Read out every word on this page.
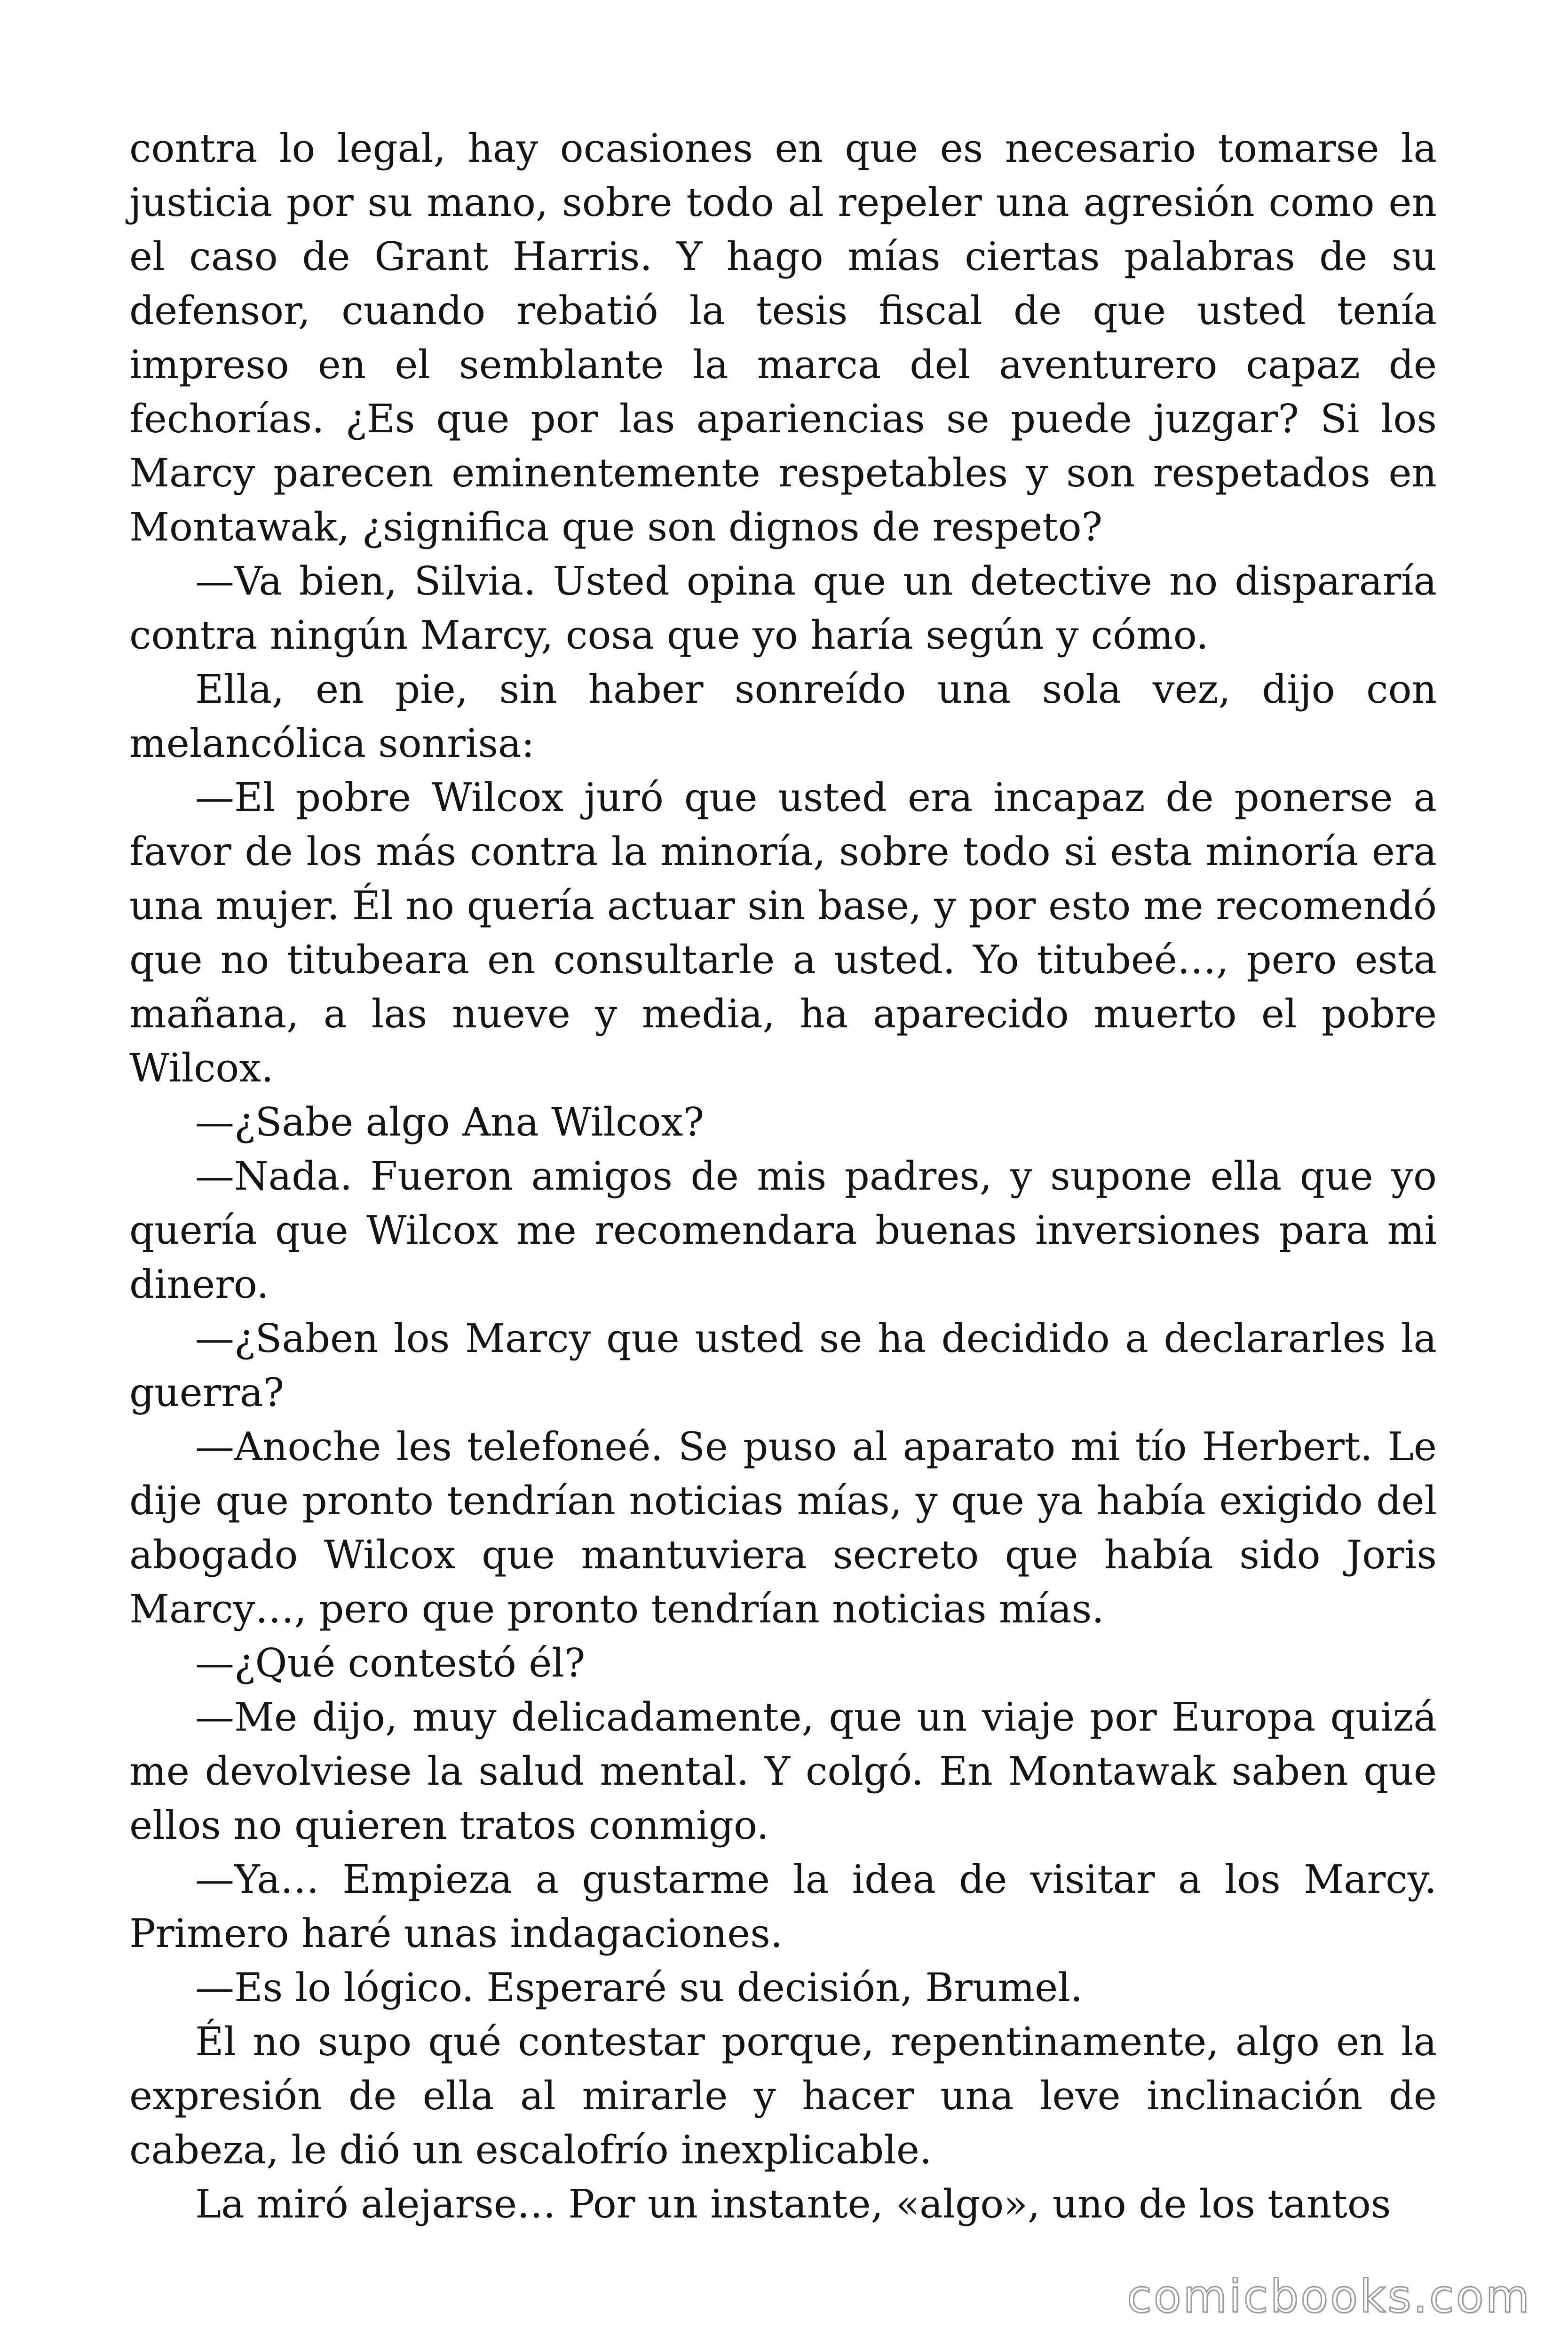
contra lo legal, hay ocasiones en que es necesario tomarse la justicia por su mano, sobre todo al repeler una agresión como en el caso de Grant Harris. Y hago mías ciertas palabras de su defensor, cuando rebatió la tesis fiscal de que usted tenía impreso en el semblante la marca del aventurero capaz de fechorías. ¿Es que por las apariencias se puede juzgar? Si los Marcy parecen eminentemente respetables y son respetados en Montawak, ¿significa que son dignos de respeto?

—Va bien, Silvia. Usted opina que un detective no dispararía contra ningún Marcy, cosa que yo haría según y cómo.

Ella, en pie, sin haber sonreído una sola vez, dijo con melancólica sonrisa:

—El pobre Wilcox juró que usted era incapaz de ponerse a favor de los más contra la minoría, sobre todo si esta minoría era una mujer. Él no quería actuar sin base, y por esto me recomendó que no titubeara en consultarle a usted. Yo titubeé…, pero esta mañana, a las nueve y media, ha aparecido muerto el pobre Wilcox.

—¿Sabe algo Ana Wilcox?

—Nada. Fueron amigos de mis padres, y supone ella que yo quería que Wilcox me recomendara buenas inversiones para mi dinero.

—¿Saben los Marcy que usted se ha decidido a declararles la guerra?

—Anoche les telefoneé. Se puso al aparato mi tío Herbert. Le dije que pronto tendrían noticias mías, y que ya había exigido del abogado Wilcox que mantuviera secreto que había sido Joris Marcy…, pero que pronto tendrían noticias mías.

—¿Qué contestó él?

—Me dijo, muy delicadamente, que un viaje por Europa quizá me devolviese la salud mental. Y colgó. En Montawak saben que ellos no quieren tratos conmigo.

—Ya… Empieza a gustarme la idea de visitar a los Marcy. Primero haré unas indagaciones.

—Es lo lógico. Esperaré su decisión, Brumel.

Él no supo qué contestar porque, repentinamente, algo en la expresión de ella al mirarle y hacer una leve inclinación de cabeza, le dió un escalofrío inexplicable.

La miró alejarse… Por un instante, «algo», uno de los tantos

comicbooks.com
